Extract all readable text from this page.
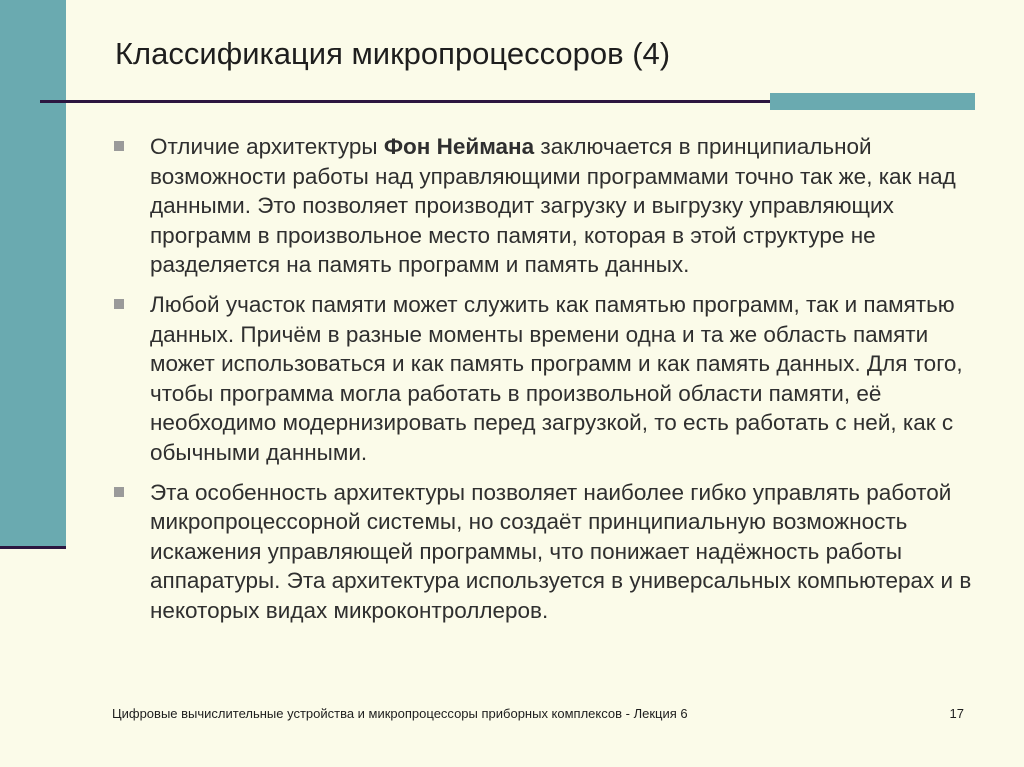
Классификация микропроцессоров (4)
Отличие архитектуры Фон Неймана заключается в принципиальной возможности работы над управляющими программами точно так же, как над данными. Это позволяет производит загрузку и выгрузку управляющих программ в произвольное место памяти, которая в этой структуре не разделяется на память программ и память данных.
Любой участок памяти может служить как памятью программ, так и памятью данных. Причём в разные моменты времени одна и та же область памяти может использоваться и как память программ и как память данных. Для того, чтобы программа могла работать в произвольной области памяти, её необходимо модернизировать перед загрузкой, то есть работать с ней, как с обычными данными.
Эта особенность архитектуры позволяет наиболее гибко управлять работой микропроцессорной системы, но создаёт принципиальную возможность искажения управляющей программы, что понижает надёжность работы аппаратуры. Эта архитектура используется в универсальных компьютерах и в некоторых видах микроконтроллеров.
Цифровые вычислительные устройства и микропроцессоры приборных комплексов - Лекция 6	17
